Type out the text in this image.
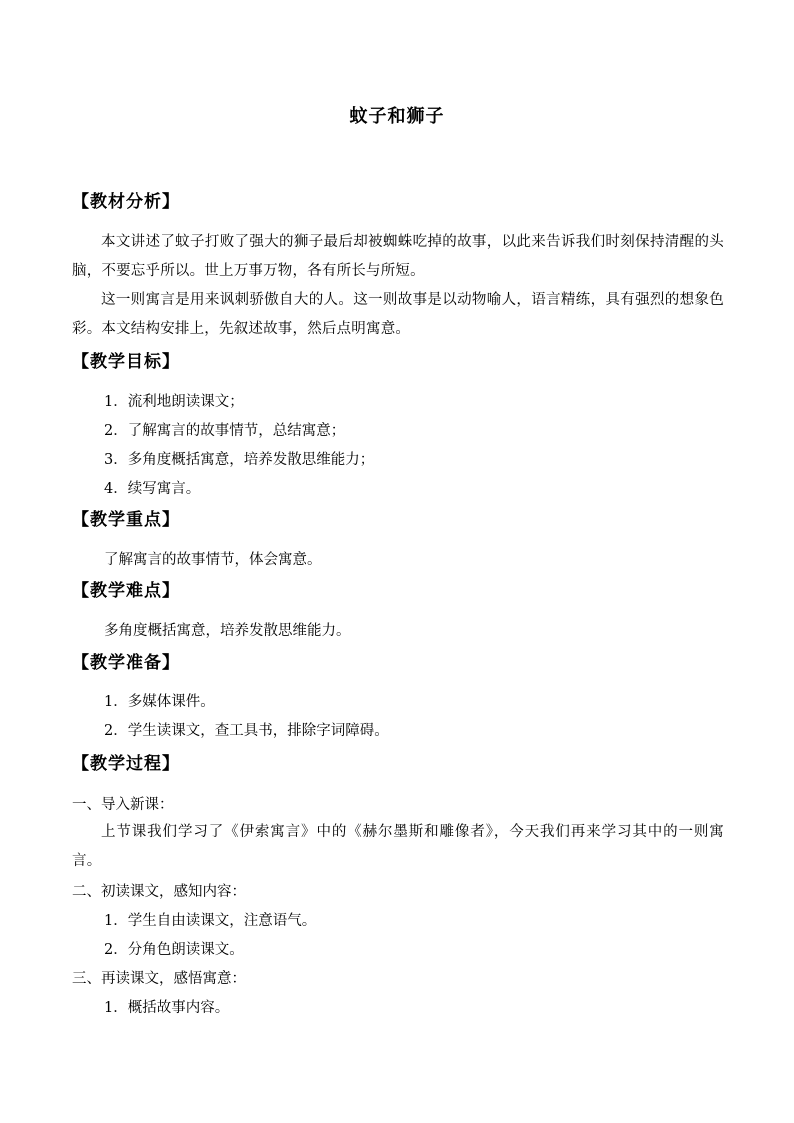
蚊子和狮子
【教材分析】
本文讲述了蚊子打败了强大的狮子最后却被蜘蛛吃掉的故事，以此来告诉我们时刻保持清醒的头脑，不要忘乎所以。世上万事万物，各有所长与所短。
这一则寓言是用来讽刺骄傲自大的人。这一则故事是以动物喻人，语言精练，具有强烈的想象色彩。本文结构安排上，先叙述故事，然后点明寓意。
【教学目标】
1．流利地朗读课文；
2．了解寓言的故事情节，总结寓意；
3．多角度概括寓意，培养发散思维能力；
4．续写寓言。
【教学重点】
了解寓言的故事情节，体会寓意。
【教学难点】
多角度概括寓意，培养发散思维能力。
【教学准备】
1．多媒体课件。
2．学生读课文，查工具书，排除字词障碍。
【教学过程】
一、导入新课：
上节课我们学习了《伊索寓言》中的《赫尔墨斯和雕像者》，今天我们再来学习其中的一则寓言。
二、初读课文，感知内容：
1．学生自由读课文，注意语气。
2．分角色朗读课文。
三、再读课文，感悟寓意：
1．概括故事内容。
